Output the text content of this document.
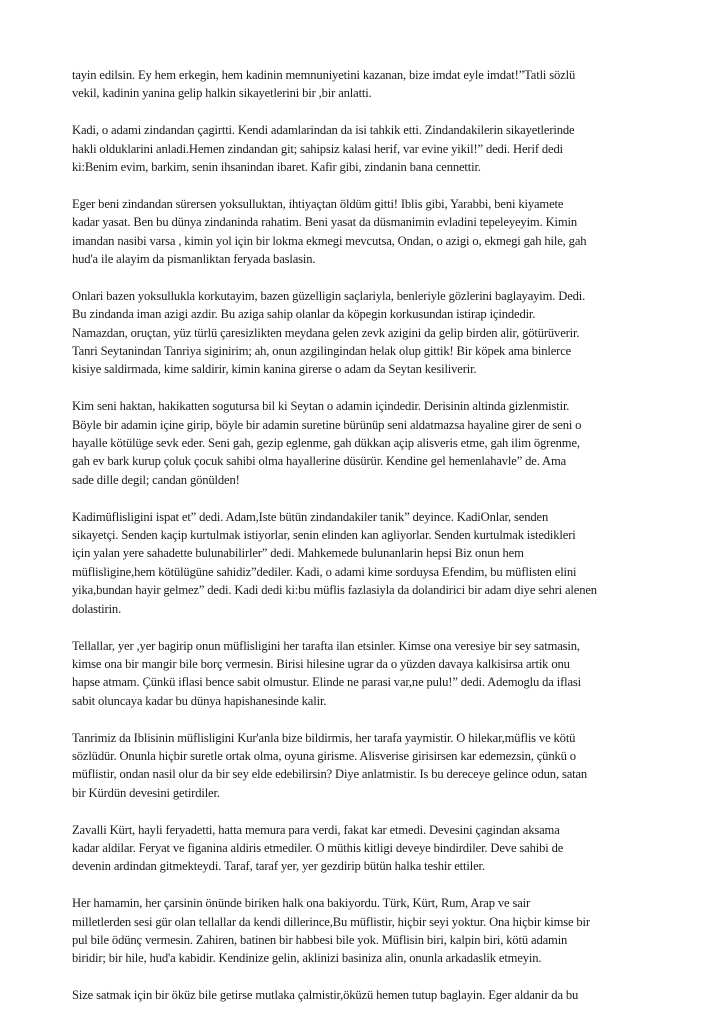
tayin edilsin. Ey hem erkegin, hem kadinin memnuniyetini kazanan, bize imdat eyle imdat!”Tatli sözlü
vekil, kadinin yanina gelip halkin sikayetlerini bir ,bir anlatti.

Kadi, o adami zindandan çagirtti. Kendi adamlarindan da isi tahkik etti. Zindandakilerin sikayetlerinde
hakli olduklarini anladi.Hemen zindandan git; sahipsiz kalasi herif, var evine yikil!” dedi. Herif dedi
ki:Benim evim, barkim, senin ihsanindan ibaret. Kafir gibi, zindanin bana cennettir.

Eger beni zindandan sürersen yoksulluktan, ihtiyaçtan öldüm gitti! Iblis gibi, Yarabbi, beni kiyamete
kadar yasat. Ben bu dünya zindaninda rahatim. Beni yasat da düsmanimin evladini tepeleyeyim. Kimin
imandan nasibi varsa , kimin yol için bir lokma ekmegi mevcutsa, Ondan, o azigi o, ekmegi gah hile, gah
hud'a ile alayim da pismanliktan feryada baslasin.

Onlari bazen yoksullukla korkutayim, bazen güzelligin saçlariyla, benleriyle gözlerini baglayayim. Dedi.
Bu zindanda iman azigi azdir. Bu aziga sahip olanlar da köpegin korkusundan istirap içindedir.
Namazdan, oruçtan, yüz türlü çaresizlikten meydana gelen zevk azigini da gelip birden alir, götürüverir.
Tanri Seytanindan Tanriya siginirim; ah, onun azgilingindan helak olup gittik! Bir köpek ama binlerce
kisiye saldirmada, kime saldirir, kimin kanina girerse o adam da Seytan kesiliverir.

Kim seni haktan, hakikatten sogutursa bil ki Seytan o adamin içindedir. Derisinin altinda gizlenmistir.
Böyle bir adamin içine girip, böyle bir adamin suretine bürünüp seni aldatmazsa hayaline girer de seni o
hayalle kötülüge sevk eder. Seni gah, gezip eglenme, gah dükkan açip alisveris etme, gah ilim ögrenme,
gah ev bark kurup çoluk çocuk sahibi olma hayallerine düsürür. Kendine gel hemenlahavle” de. Ama
sade dille degil; candan gönülden!

Kadimüflisligini ispat et” dedi. Adam,Iste bütün zindandakiler tanik” deyince. KadiOnlar, senden
sikayetçi. Senden kaçip kurtulmak istiyorlar, senin elinden kan agliyorlar. Senden kurtulmak istedikleri
için yalan yere sahadette bulunabilirler” dedi. Mahkemede bulunanlarin hepsi Biz onun hem
müflisligine,hem kötülügüne sahidiz”dediler. Kadi, o adami kime sorduysa Efendim, bu müflisten elini
yika,bundan hayir gelmez” dedi. Kadi dedi ki:bu müflis fazlasiyla da dolandirici bir adam diye sehri alenen
dolastirin.

Tellallar, yer ,yer bagirip onun müflisligini her tarafta ilan etsinler. Kimse ona veresiye bir sey satmasin,
kimse ona bir mangir bile borç vermesin. Birisi hilesine ugrar da o yüzden davaya kalkisirsa artik onu
hapse atmam. Çünkü iflasi bence sabit olmustur. Elinde ne parasi var,ne pulu!” dedi. Ademoglu da iflasi
sabit oluncaya kadar bu dünya hapishanesinde kalir.

Tanrimiz da Iblisinin müflisligini Kur'anla bize bildirmis, her tarafa yaymistir. O hilekar,müflis ve kötü
sözlüdür. Onunla hiçbir suretle ortak olma, oyuna girisme. Alisverise girisirsen kar edemezsin, çünkü o
müflistir, ondan nasil olur da bir sey elde edebilirsin? Diye anlatmistir. Is bu dereceye gelince odun, satan
bir Kürdün devesini getirdiler.

Zavalli Kürt, hayli feryadetti, hatta memura para verdi, fakat kar etmedi. Devesini çagindan aksama
kadar aldilar. Feryat ve figanina aldiris etmediler. O müthis kitligi deveye bindirdiler. Deve sahibi de
devenin ardindan gitmekteydi. Taraf, taraf yer, yer gezdirip bütün halka teshir ettiler.

Her hamamin, her çarsinin önünde biriken halk ona bakiyordu. Türk, Kürt, Rum, Arap ve sair
milletlerden sesi gür olan tellallar da kendi dillerince,Bu müflistir, hiçbir seyi yoktur. Ona hiçbir kimse bir
pul bile ödünç vermesin. Zahiren, batinen bir habbesi bile yok. Müflisin biri, kalpin biri, kötü adamin
biridir; bir hile, hud'a kabidir. Kendinize gelin, aklinizi basiniza alin, onunla arkadaslik etmeyin.

Size satmak için bir öküz bile getirse mutlaka çalmistir,öküzü hemen tutup baglayin. Eger aldanir da bu
